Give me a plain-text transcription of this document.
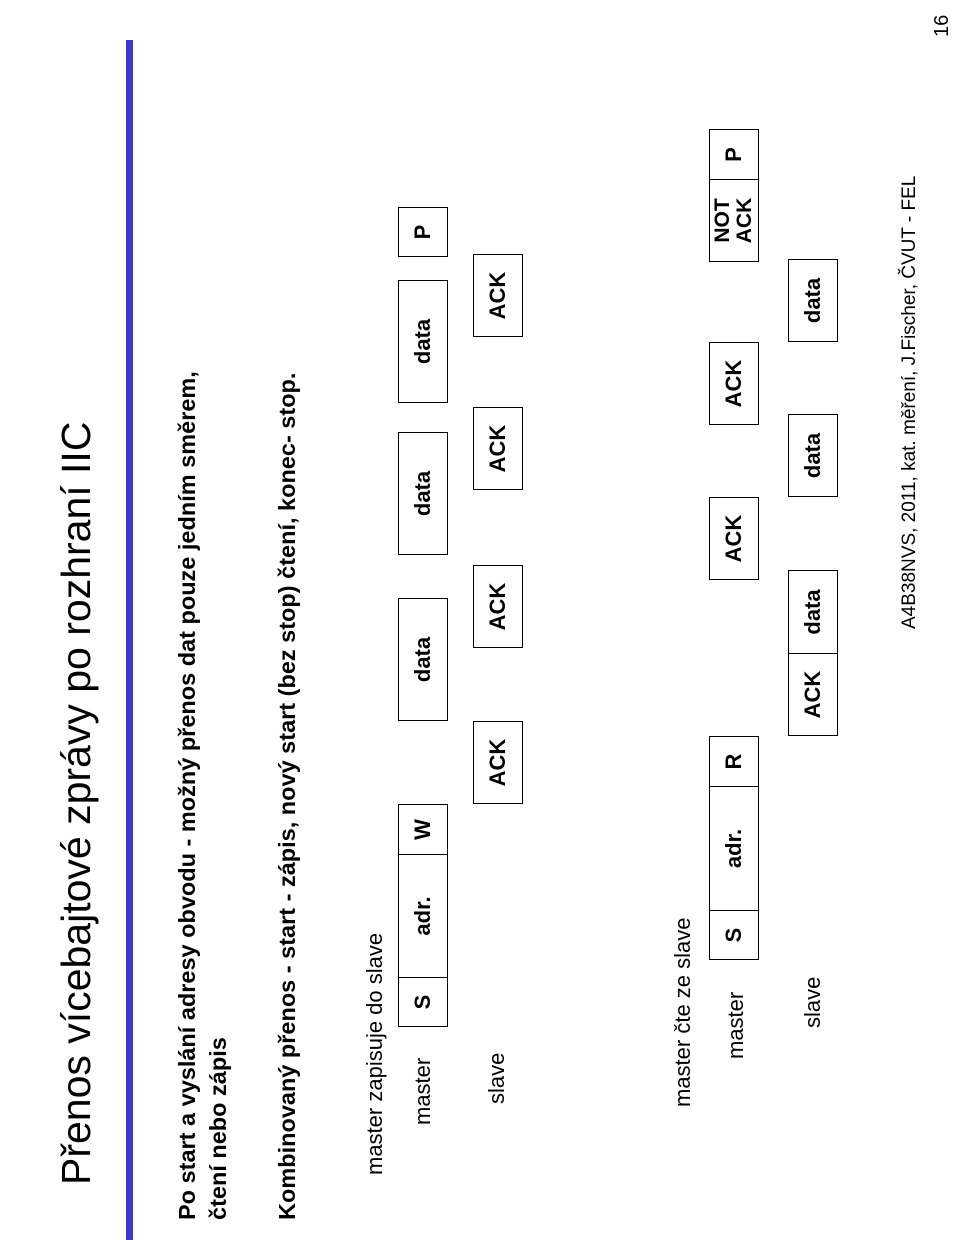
Přenos vícebajtové zprávy po rozhraní IIC
A4B38NVS, 2011, kat. měření, J.Fischer, ČVUT - FEL
16
Po start a vyslání adresy obvodu - možný přenos dat pouze jedním směrem, čtení nebo zápis Kombinovaný přenos - start - zápis, nový start (bez stop) čtení, konec- stop.	master zapisuje do slave master slave
S
adr.
W
data
data
data
P
ACK
ACK
ACK
ACK
master čte ze slave master slave
S
adr.
R
ACK
ACK
NOT ACK
P
ACK
data
data
data
